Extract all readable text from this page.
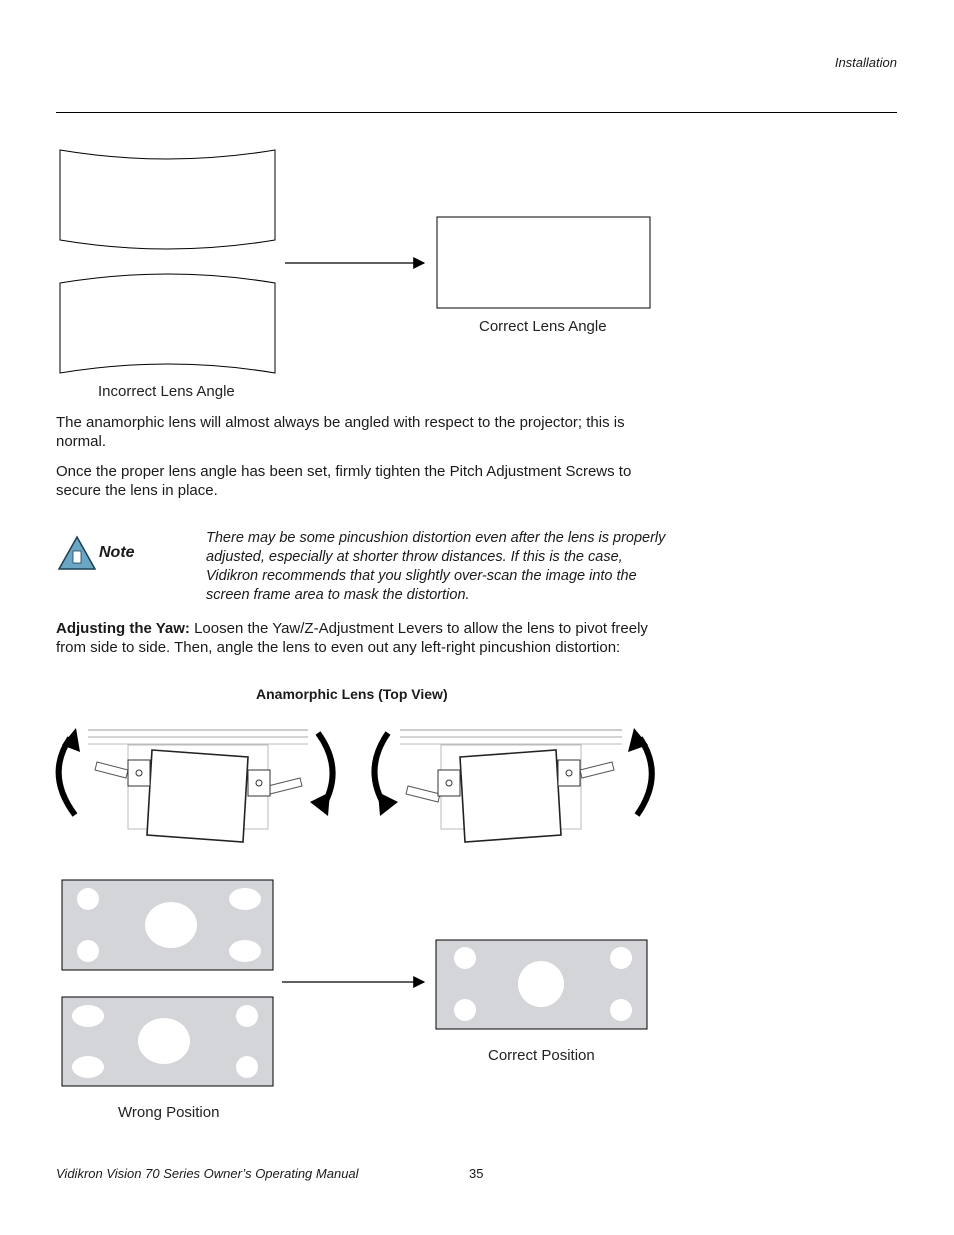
Installation
Incorrect Lens Angle
Correct Lens Angle
The anamorphic lens will almost always be angled with respect to the projector; this is normal.
Once the proper lens angle has been set, firmly tighten the Pitch Adjustment Screws to secure the lens in place.
Note
There may be some pincushion distortion even after the lens is properly adjusted, especially at shorter throw distances. If this is the case, Vidikron recommends that you slightly over-scan the image into the screen frame area to mask the distortion.
Adjusting the Yaw: Loosen the Yaw/Z-Adjustment Levers to allow the lens to pivot freely from side to side. Then, angle the lens to even out any left-right pincushion distortion:
Anamorphic Lens (Top View)
Wrong Position
Correct Position
Vidikron Vision 70 Series Owner’s Operating Manual	35
